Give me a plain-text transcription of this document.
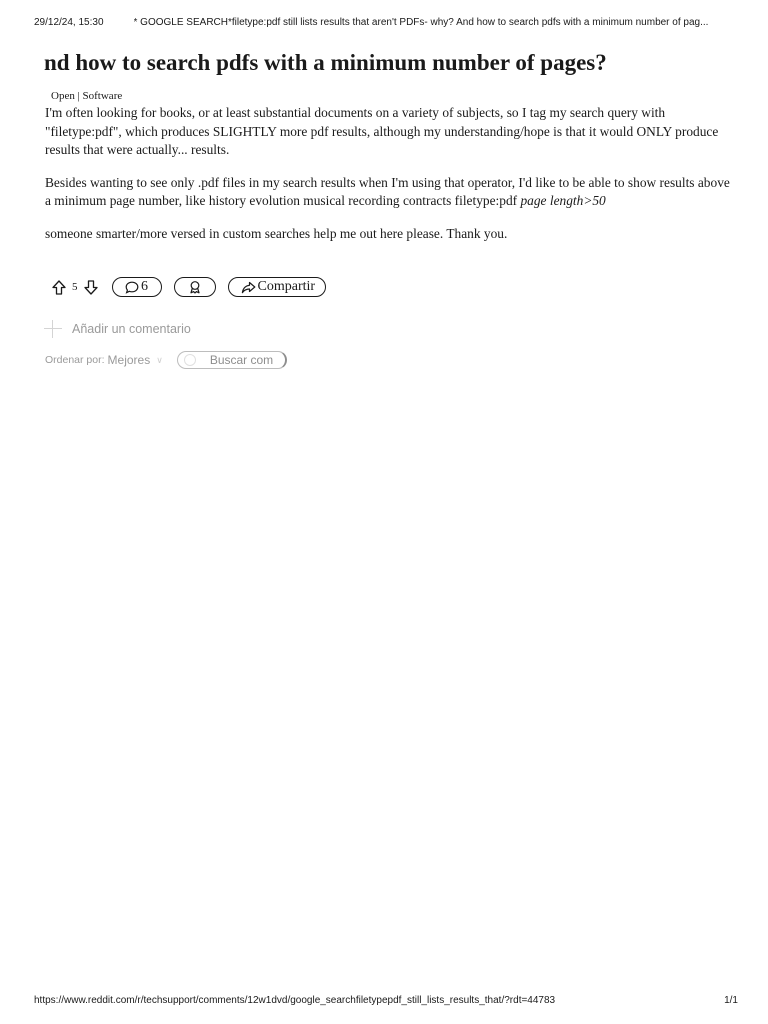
29/12/24, 15:30	* GOOGLE SEARCH*filetype:pdf still lists results that aren't PDFs- why? And how to search pdfs with a minimum number of pag...
nd how to search pdfs with a minimum number of pages?
Open | Software

I'm often looking for books, or at least substantial documents on a variety of subjects, so I tag my search query with "filetype:pdf", which produces SLIGHTLY more pdf results, although my understanding/hope is that it would ONLY produce results that were actually... results.

Besides wanting to see only .pdf files in my search results when I'm using that operator, I'd like to be able to show results above a minimum page number, like history evolution musical recording contracts filetype:pdf page length>50

someone smarter/more versed in custom searches help me out here please. Thank you.

5	6	Compartir
Añadir un comentario
Ordenar por: Mejores ∨	Buscar com
https://www.reddit.com/r/techsupport/comments/12w1dvd/google_searchfiletypepdf_still_lists_results_that/?rdt=44783	1/1
